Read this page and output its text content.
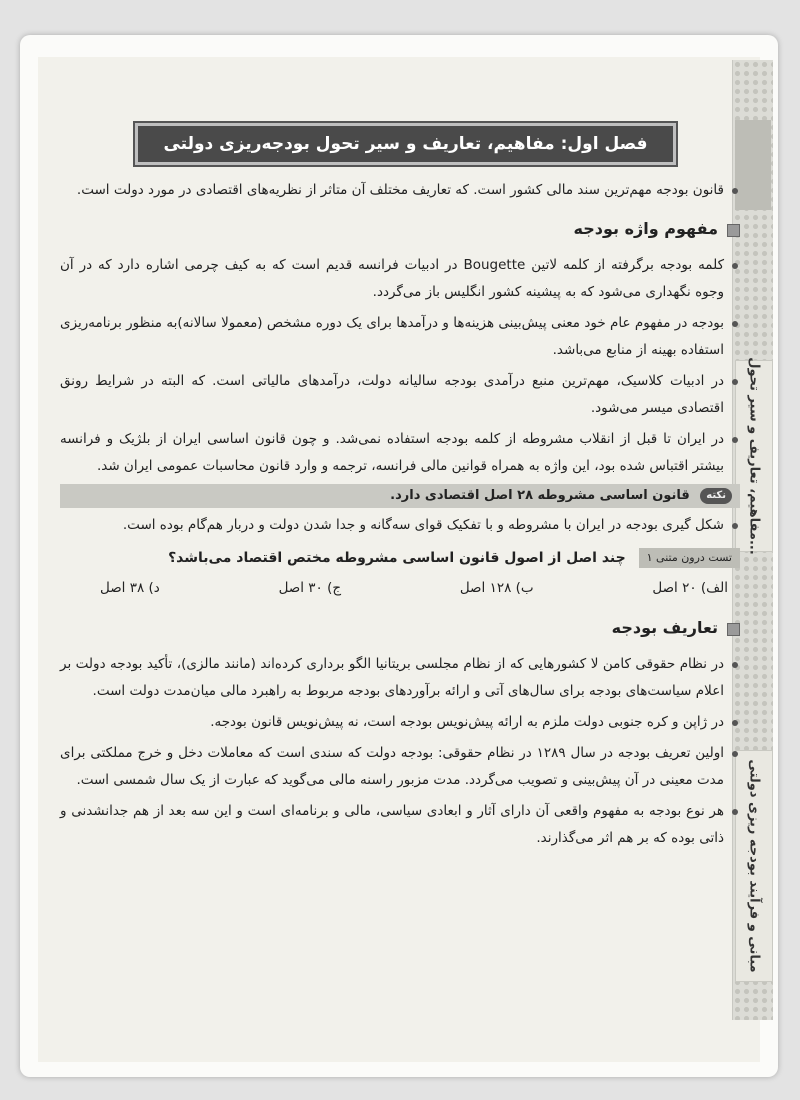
مفاهیم، تعاریف و سیر تحول...
مبانی و فرآیند بودجه ریزی دولتی
فصل اول: مفاهیم، تعاریف و سیر تحول بودجه‌ریزی دولتی

قانون بودجه مهم‌ترین سند مالی کشور است. که تعاریف مختلف آن متاثر از نظریه‌های اقتصادی در مورد دولت است.

مفهوم واژه بودجه

کلمه بودجه برگرفته از کلمه لاتین Bougette در ادبیات فرانسه قدیم است که به کیف چرمی اشاره دارد که در آن وجوه نگهداری می‌شود که به پیشینه کشور انگلیس باز می‌گردد.

بودجه در مفهوم عام خود معنی پیش‌بینی هزینه‌ها و درآمدها برای یک دوره مشخص (معمولا سالانه)به منظور برنامه‌ریزی استفاده بهینه از منابع می‌باشد.

در ادبیات کلاسیک، مهم‌ترین منبع درآمدی بودجه سالیانه دولت، درآمدهای مالیاتی است. که البته در شرایط رونق اقتصادی میسر می‌شود.

در ایران تا قبل از انقلاب مشروطه از کلمه بودجه استفاده نمی‌شد. و چون قانون اساسی ایران از بلژیک و فرانسه بیشتر اقتباس شده بود، این واژه به همراه قوانین مالی فرانسه، ترجمه و وارد قانون محاسبات عمومی ایران شد.

نکته قانون اساسی مشروطه ۲۸ اصل اقتصادی دارد.

شکل گیری بودجه در ایران با مشروطه و با تفکیک قوای سه‌گانه و جدا شدن دولت و دربار هم‌گام بوده است.

تست درون متنی ۱ چند اصل از اصول قانون اساسی مشروطه مختص اقتصاد می‌باشد؟
الف) ۲۰ اصل
ب) ۱۲۸ اصل
ج) ۳۰ اصل
د) ۳۸ اصل
تعاریف بودجه

در نظام حقوقی کامن لا کشورهایی که از نظام مجلسی بریتانیا الگو برداری کرده‌اند (مانند مالزی)، تأکید بودجه دولت بر اعلام سیاست‌های بودجه برای سال‌های آتی و ارائه برآوردهای بودجه مربوط به راهبرد مالی میان‌مدت دولت است.

در ژاپن و کره جنوبی دولت ملزم به ارائه پیش‌نویس بودجه است، نه پیش‌نویس قانون بودجه.

اولین تعریف بودجه در سال ۱۲۸۹ در نظام حقوقی: بودجه دولت که سندی است که معاملات دخل و خرج مملکتی برای مدت معینی در آن پیش‌بینی و تصویب می‌گردد. مدت مزبور راسنه مالی می‌گوید که عبارت از یک سال شمسی است.

هر نوع بودجه به مفهوم واقعی آن دارای آثار و ابعادی سیاسی، مالی و برنامه‌ای است و این سه بعد از هم جدانشدنی و ذاتی بوده که بر هم اثر می‌گذارند.
